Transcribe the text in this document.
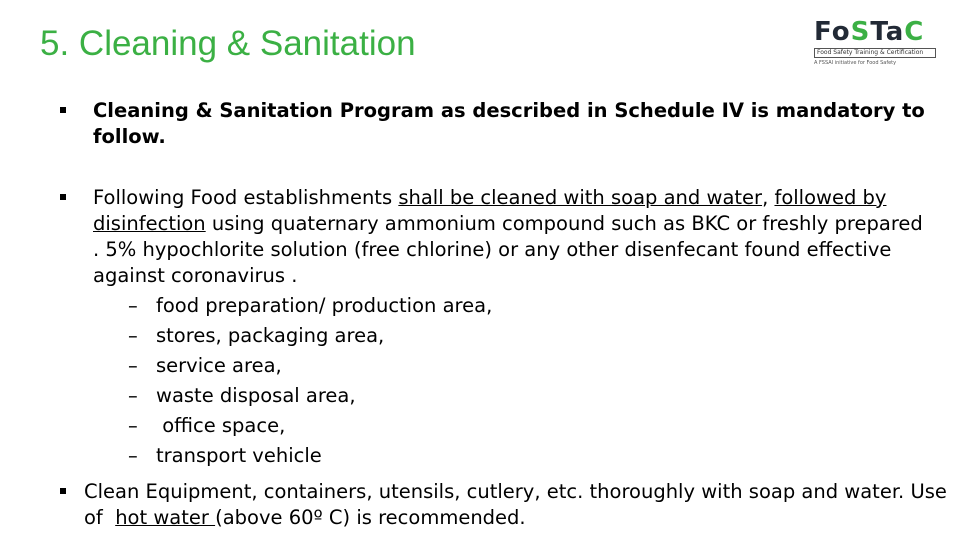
5. Cleaning & Sanitation	FoSTaC
Food Safety Training & Certification
A FSSAI initiative for Food Safety
Cleaning & Sanitation Program as described in Schedule IV is mandatory to
follow.
Following Food establishments shall be cleaned with soap and water, followed by
disinfection using quaternary ammonium compound such as BKC or freshly prepared
. 5% hypochlorite solution (free chlorine) or any other disenfecant found effective
against coronavirus .
– food preparation/ production area,
– stores, packaging area,
– service area,
– waste disposal area,
– office space,
– transport vehicle
Clean Equipment, containers, utensils, cutlery, etc. thoroughly with soap and water. Use
of  hot water (above 60º C) is recommended.
